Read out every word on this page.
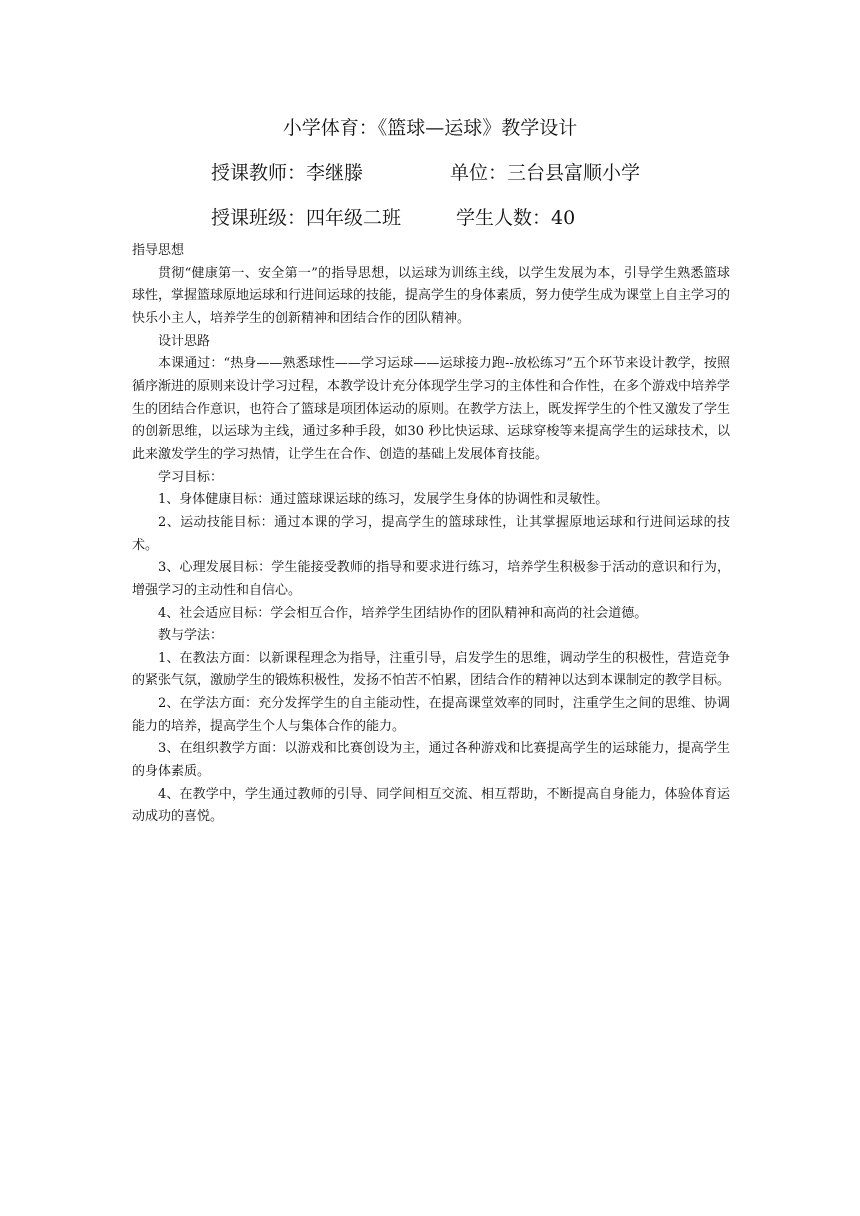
小学体育：《篮球—运球》教学设计
授课教师：李继滕	单位：三台县富顺小学
授课班级：四年级二班	学生人数：40

指导思想

贯彻“健康第一、安全第一”的指导思想，以运球为训练主线，以学生发展为本，引导学生熟悉篮球球性，掌握篮球原地运球和行进间运球的技能，提高学生的身体素质，努力使学生成为课堂上自主学习的快乐小主人，培养学生的创新精神和团结合作的团队精神。

设计思路

本课通过：“热身——熟悉球性——学习运球——运球接力跑--放松练习”五个环节来设计教学，按照循序渐进的原则来设计学习过程，本教学设计充分体现学生学习的主体性和合作性，在多个游戏中培养学生的团结合作意识，也符合了篮球是项团体运动的原则。在教学方法上，既发挥学生的个性又激发了学生的创新思维，以运球为主线，通过多种手段，如30 秒比快运球、运球穿梭等来提高学生的运球技术，以此来激发学生的学习热情，让学生在合作、创造的基础上发展体育技能。

学习目标：

1、身体健康目标：通过篮球课运球的练习，发展学生身体的协调性和灵敏性。

2、运动技能目标：通过本课的学习，提高学生的篮球球性，让其掌握原地运球和行进间运球的技术。

3、心理发展目标：学生能接受教师的指导和要求进行练习，培养学生积极参于活动的意识和行为，增强学习的主动性和自信心。

4、社会适应目标：学会相互合作，培养学生团结协作的团队精神和高尚的社会道德。

教与学法：

1、在教法方面：以新课程理念为指导，注重引导，启发学生的思维，调动学生的积极性，营造竞争的紧张气氛，激励学生的锻炼积极性，发扬不怕苦不怕累，团结合作的精神以达到本课制定的教学目标。

2、在学法方面：充分发挥学生的自主能动性，在提高课堂效率的同时，注重学生之间的思维、协调能力的培养，提高学生个人与集体合作的能力。

3、在组织教学方面：以游戏和比赛创设为主，通过各种游戏和比赛提高学生的运球能力，提高学生的身体素质。

4、在教学中，学生通过教师的引导、同学间相互交流、相互帮助，不断提高自身能力，体验体育运动成功的喜悦。
